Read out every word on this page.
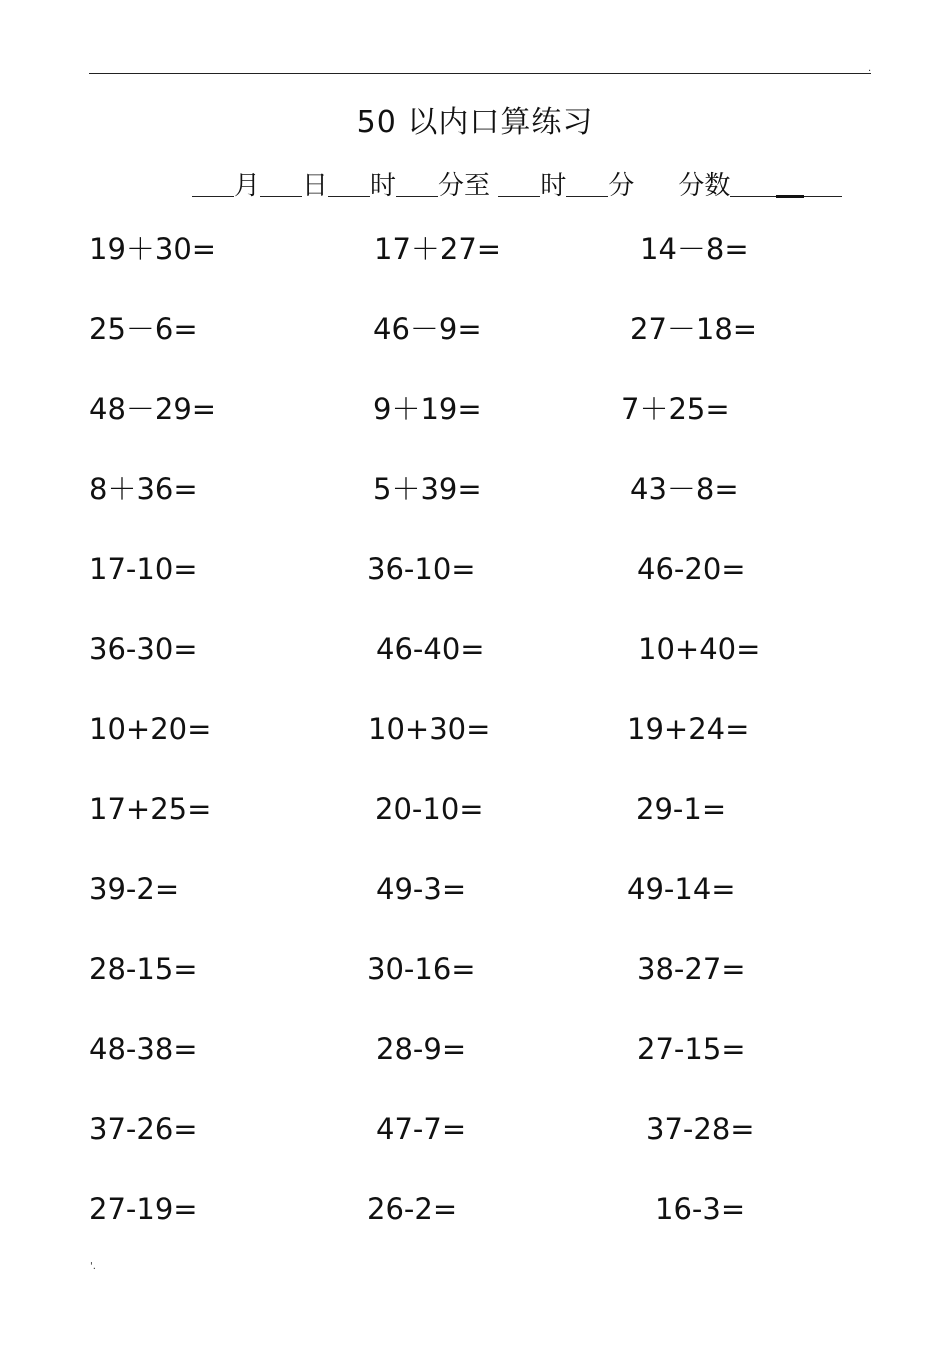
.
'.
50 以内口算练习
月 日 时 分至 时 分 分数
19＋30=	17＋27=	14－8=
25－6=	46－9=	27－18=
48－29=	9＋19=	7＋25=
8＋36=	5＋39=	43－8=
17-10=	36-10=	46-20=
36-30=	46-40=	10+40=
10+20=	10+30=	19+24=
17+25=	20-10=	29-1=
39-2=	49-3=	49-14=
28-15=	30-16=	38-27=
48-38=	28-9=	27-15=
37-26=	47-7=	37-28=
27-19=	26-2=	16-3=
